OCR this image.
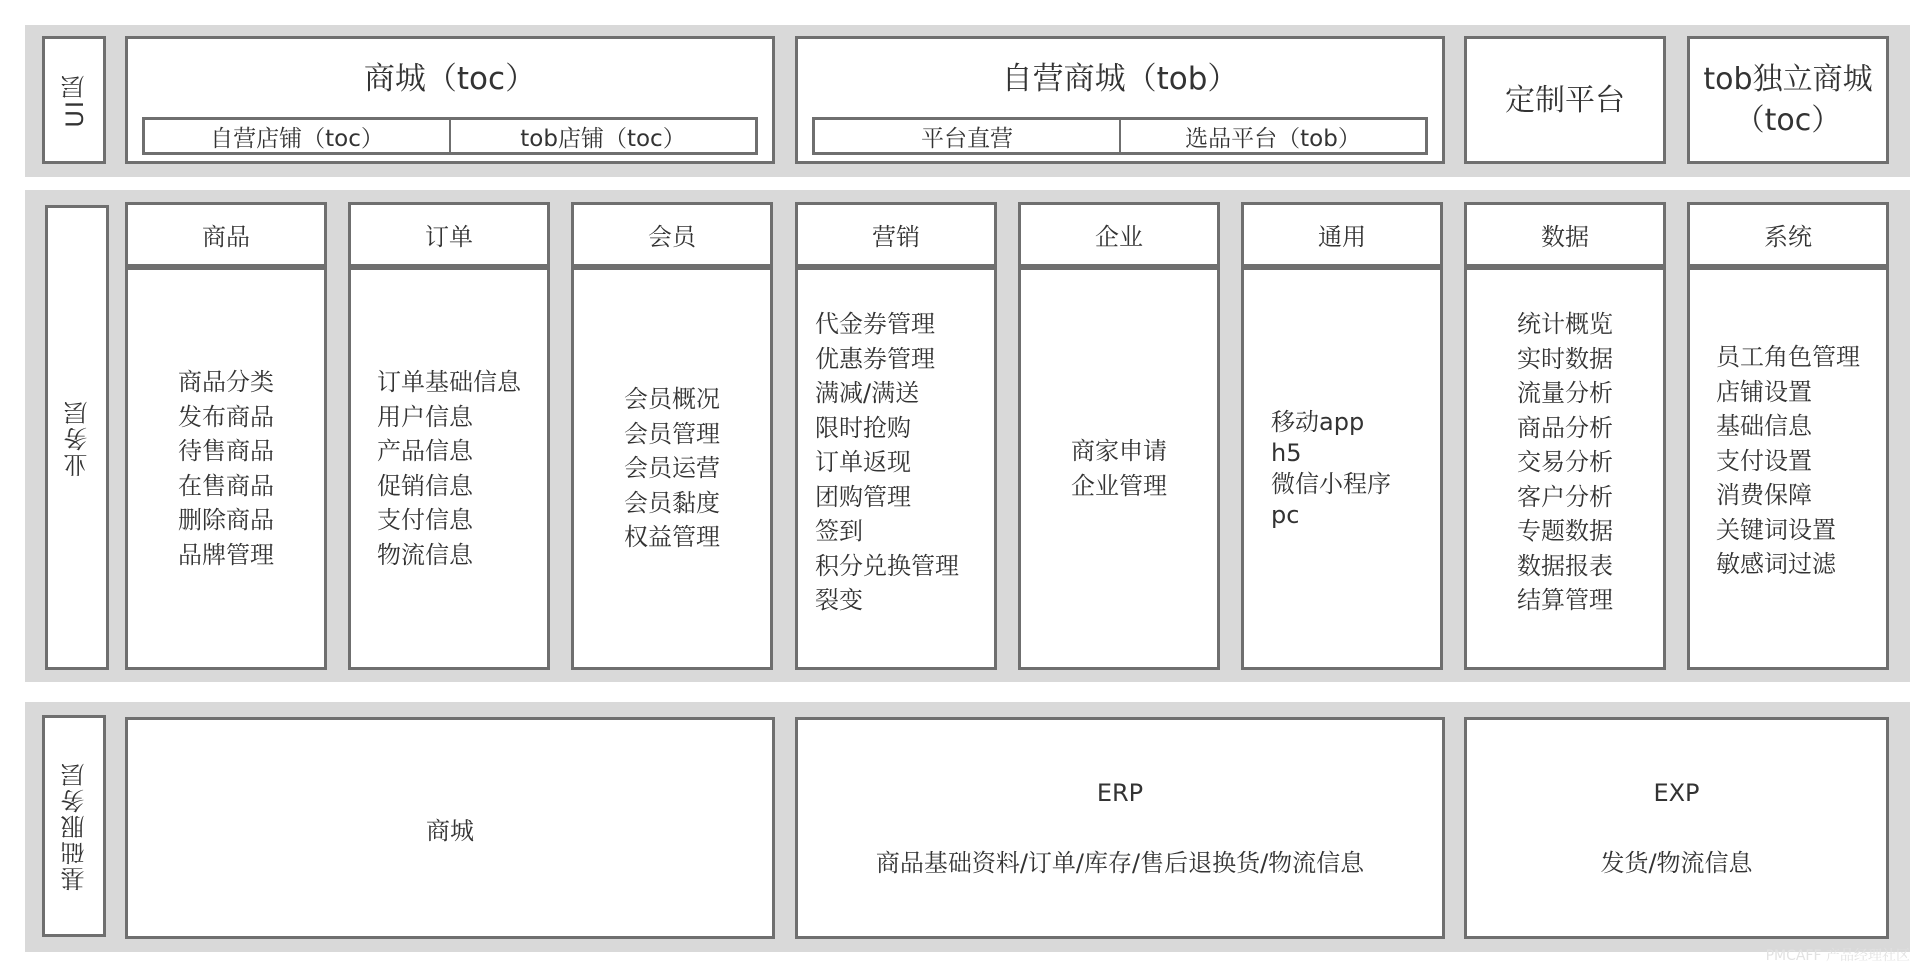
UI层	商城（toc）
自营店铺（toc）	tob店铺（toc）
自营商城（tob）
平台直营	选品平台（tob）
定制平台
tob独立商城
（toc）
业务层
商品
商品分类
发布商品
待售商品
在售商品
删除商品
品牌管理
订单
订单基础信息
用户信息
产品信息
促销信息
支付信息
物流信息
会员
会员概况
会员管理
会员运营
会员黏度
权益管理
营销
代金券管理
优惠券管理
满减/满送
限时抢购
订单返现
团购管理
签到
积分兑换管理
裂变
企业
商家申请
企业管理
通用
移动app
h5
微信小程序
pc
数据
统计概览
实时数据
流量分析
商品分析
交易分析
客户分析
专题数据
数据报表
结算管理
系统
员工角色管理
店铺设置
基础信息
支付设置
消费保障
关键词设置
敏感词过滤
基础服务层	商城
ERP
商品基础资料/订单/库存/售后退换货/物流信息
EXP
发货/物流信息
PMCAFF 产品经理社区
